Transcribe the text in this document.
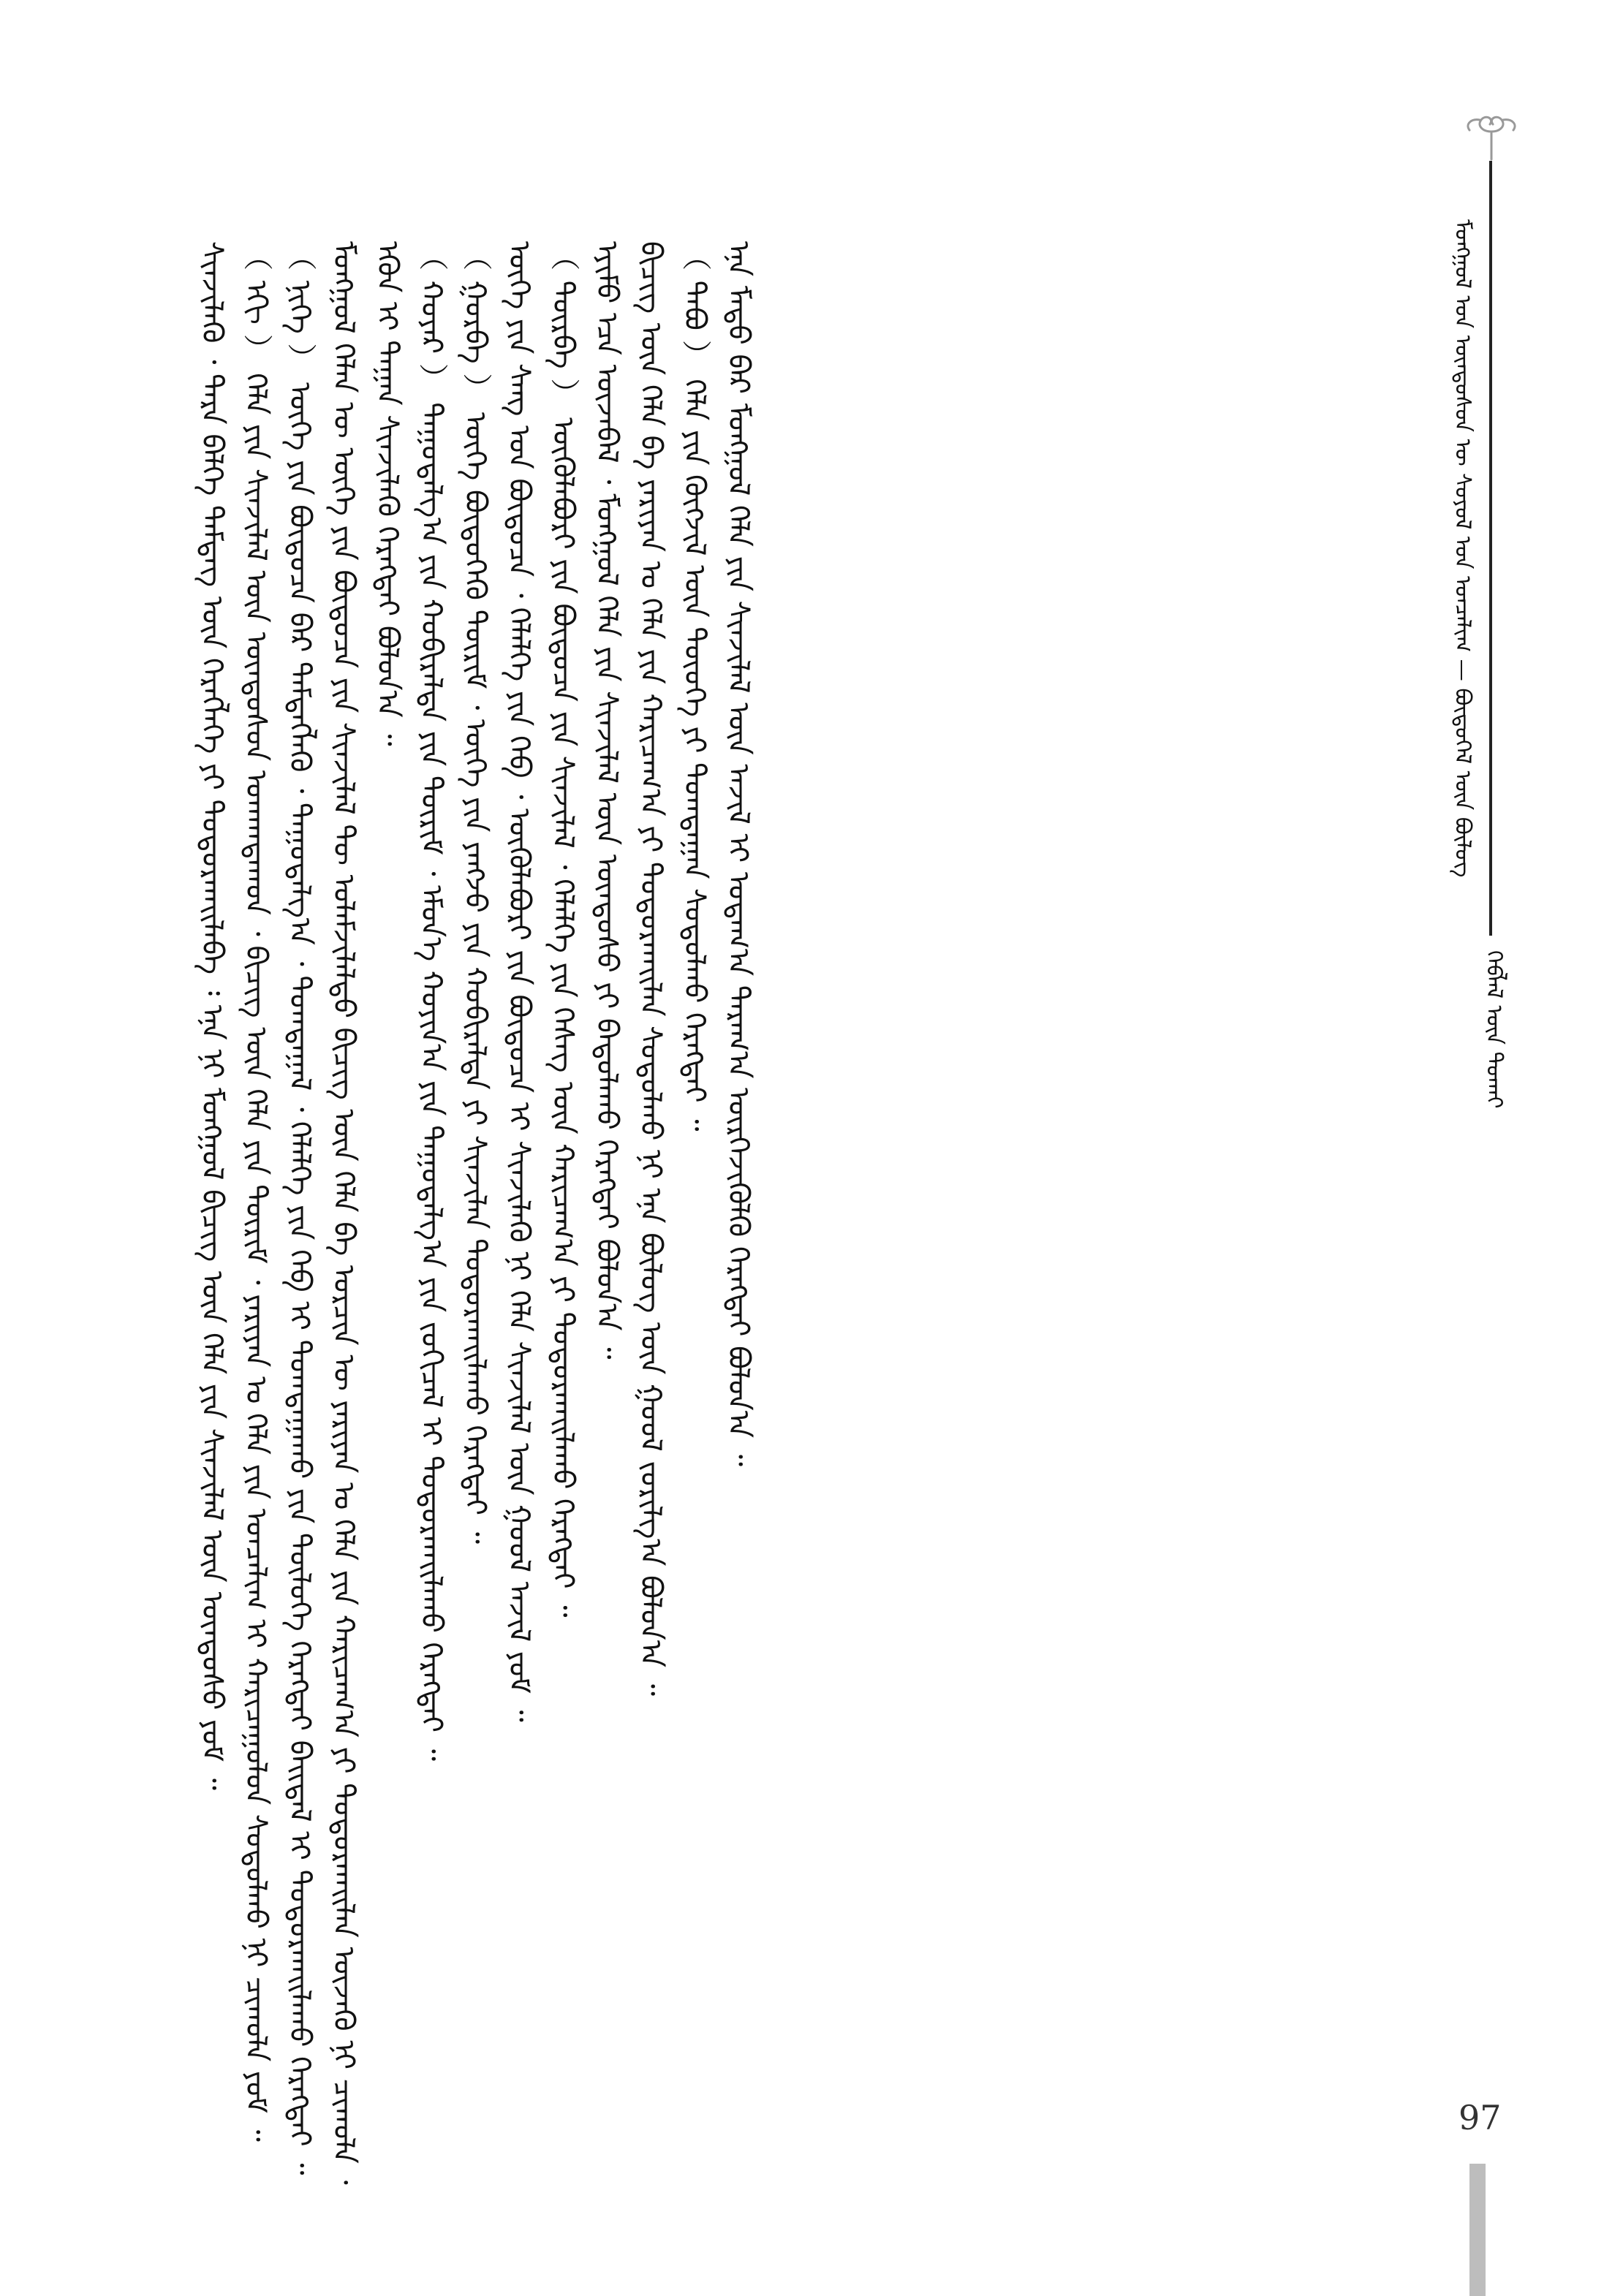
ᠮᠣᠩᠭᠣᠯ ᠤᠨ ᠦᠨᠳᠦᠰᠦᠨ ᠦ ᠰᠤᠶᠤᠯ ᠤᠨ ᠣᠨᠴᠠᠯᠢᠭ — ᠪᠦᠲᠦᠭᠡᠯ ᠦᠨ ᠪᠦᠯᠦᠭ
ᠬᠡᠪᠯᠡᠯ ᠦᠨ ᠲᠤᠬᠠᠢ

ᠰᠢᠨᠵᠢᠯᠡᠬᠦ ᠂ ᠲᠡᠷᠡ ᠪᠡᠯᠭᠡ ᠲᠡᠮᠳᠡᠭ ᠦᠨ ᠬᠡᠷᠡᠭᠯᠡᠭᠡ ᠶᠢ ᠲᠣᠳᠣᠷᠬᠠᠢᠯᠠᠪᠠ ᠄ ᠡᠨᠡ ᠨᠢ ᠮᠣᠩᠭᠣᠯ ᠪᠢᠴᠢᠭ ᠦᠨ ᠬᠡᠯᠡ ᠶᠢᠨ ᠰᠢᠨᠵᠢᠯᠡᠯ ᠦᠨ ᠦᠨᠳᠦᠰᠦ ᠶᠤᠮ ᠃ （ ᠡᠬᠢ ） ᠬᠡᠯᠡ ᠶᠢᠨ ᠰᠢᠨᠵᠢᠯᠡᠯ ᠦᠨ ᠦᠨᠳᠦᠰᠦᠨ ᠤᠬᠠᠭᠳᠠᠬᠤᠨ ᠂ ᠪᠢᠴᠢᠭ ᠦᠨ ᠬᠡᠯᠡ ᠶᠢᠨ ᠳᠦᠷᠢᠮ ᠂ ᠶᠠᠷᠢᠶᠠᠨ ᠤ ᠬᠡᠯᠡ ᠶᠢᠨ ᠣᠨᠴᠠᠯᠢᠭ ᠢ ᠬᠠᠷᠢᠴᠠᠭᠤᠯᠤᠨ ᠰᠤᠳᠤᠯᠬᠤ ᠨᠢ ᠴᠢᠬᠤᠯᠠ ᠶᠤᠮ ᠃ （ ᠨᠢᠭᠡ ） ᠦᠭᠡ ᠶᠢᠨ ᠪᠦᠲᠦᠴᠡ ᠪᠡᠷ ᠲᠡᠮᠳᠡᠭᠯᠡᠬᠦ ᠂ ᠳᠠᠭᠤᠳᠠᠯᠭ᠎ᠠ ᠂ ᠲᠣᠭᠲᠠᠭᠠᠯ ᠂ ᠬᠡᠯᠡᠯᠭᠡ ᠶᠢᠨ ᠬᠡᠪ ᠢ ᠲᠣᠭᠲᠠᠭᠠᠬᠤ ᠶᠢᠨ ᠲᠥᠯᠥᠭᠡ ᠬᠡᠷᠡᠭᠲᠡᠢ ᠪᠠᠢᠳᠠᠯ ᠢ ᠲᠣᠳᠣᠷᠬᠠᠢᠯᠠᠬᠤ ᠬᠡᠷᠡᠭᠲᠡᠢ ᠃ ᠮᠣᠩᠭᠣᠯ ᠬᠡᠯᠡᠨ ᠦ ᠦᠭᠡ ᠶᠢᠨ ᠪᠦᠲᠦᠴᠡ ᠶᠢᠨ ᠰᠢᠨᠵᠢᠯᠡᠯ ᠲᠦ ᠤᠯᠠᠮᠵᠢᠯᠠᠯᠲᠤ ᠪᠢᠴᠢᠭ ᠦᠨ ᠬᠡᠯᠡ ᠪᠠ ᠣᠷᠴᠢᠨ ᠦ ᠶᠠᠷᠢᠶᠠᠨ ᠤ ᠬᠡᠯᠡ ᠶᠢᠨ ᠬᠠᠷᠢᠴᠠᠭ᠎ᠠ ᠶᠢ ᠲᠣᠳᠣᠷᠬᠠᠢᠯᠠᠨ ᠦᠵᠡᠬᠦ ᠨᠢ ᠴᠢᠬᠤᠯᠠ ᠂ ᠡᠭᠦᠨ ᠢ ᠳᠠᠭᠠᠨ ᠰᠢᠨᠵᠢᠯᠡᠬᠦ ᠬᠡᠷᠡᠭᠲᠡᠢ ᠪᠣᠯᠤᠨ᠎ᠠ ᠃ （ ᠬᠣᠶᠠᠷ ） ᠳᠠᠭᠤᠳᠠᠯᠭ᠎ᠠ ᠶᠢᠨ ᠬᠤᠪᠢᠷᠠᠯᠲᠠ ᠶᠢᠨ ᠳᠦᠷᠢᠮ ᠂ ᠡᠮᠦᠨ᠎ᠡ ᠬᠣᠶᠢᠨ᠎ᠠ ᠶᠢᠨ ᠳᠠᠭᠤᠳᠠᠯᠭ᠎ᠠ ᠶᠢᠨ ᠵᠣᠬᠢᠴᠠᠯ ᠢ ᠲᠣᠳᠣᠷᠬᠠᠢᠯᠠᠬᠤ ᠬᠡᠷᠡᠭᠲᠡᠢ ᠃ （ ᠭᠤᠷᠪᠠ ） ᠦᠭᠡ ᠪᠦᠲᠦᠭᠡᠬᠦ ᠳᠦᠷᠢᠮ ᠂ ᠦᠭᠡ ᠶᠢᠨ ᠶᠠᠩᠵᠤ ᠶᠢᠨ ᠬᠤᠪᠢᠷᠠᠯᠲᠠ ᠶᠢ ᠰᠢᠨᠵᠢᠯᠡᠨ ᠲᠣᠳᠣᠷᠬᠠᠢᠯᠠᠬᠤ ᠬᠡᠷᠡᠭᠲᠡᠢ ᠃ ᠦᠭᠡ ᠶᠢᠨ ᠰᠠᠩ ᠤᠨ ᠪᠦᠲᠦᠴᠡ ᠂ ᠬᠡᠯᠡᠯᠭᠡ ᠶᠢᠨ ᠬᠡᠪ ᠂ ᠦᠭᠦᠯᠡᠪᠦᠷᠢ ᠶᠢᠨ ᠪᠦᠲᠦᠴᠡ ᠢ ᠰᠢᠨᠵᠢᠯᠡᠬᠦ ᠨᠢ ᠬᠡᠯᠡ ᠰᠢᠨᠵᠢᠯᠡᠯ ᠦᠨ ᠭᠣᠣᠯ ᠠᠵᠢᠯ ᠶᠤᠮ ᠃ （ ᠳᠥᠷᠪᠡ ） ᠦᠭᠦᠯᠡᠪᠦᠷᠢ ᠶᠢᠨ ᠪᠦᠲᠦᠴᠡ ᠶᠢᠨ ᠰᠢᠨᠵᠢᠯᠡᠯ ᠂ ᠬᠡᠯᠡᠯᠭᠡ ᠶᠢᠨ ᠬᠡᠰᠡᠭ ᠦᠨ ᠬᠠᠷᠢᠴᠠᠭ᠎ᠠ ᠶᠢ ᠲᠣᠳᠣᠷᠬᠠᠢᠯᠠᠬᠤ ᠬᠡᠷᠡᠭᠲᠡᠢ ᠃ ᠡᠶᠢᠮᠦ ᠡᠴᠡ ᠦᠵᠡᠪᠡᠯ ᠂ ᠮᠣᠩᠭᠣᠯ ᠬᠡᠯᠡ ᠶᠢᠨ ᠰᠢᠨᠵᠢᠯᠡᠯ ᠦᠨ ᠦᠨᠳᠦᠰᠦ ᠶᠢ ᠪᠠᠲᠤᠯᠠᠬᠤ ᠬᠡᠷᠡᠭᠲᠡᠢ ᠪᠣᠯᠤᠨ᠎ᠠ ᠃ ᠪᠢᠴᠢᠭ ᠦᠨ ᠬᠡᠯᠡ ᠪᠠ ᠶᠠᠷᠢᠶᠠᠨ ᠤ ᠬᠡᠯᠡ ᠶᠢᠨ ᠬᠠᠷᠢᠴᠠᠭ᠎ᠠ ᠶᠢ ᠲᠣᠳᠣᠷᠬᠠᠢᠯᠠᠨ ᠰᠤᠳᠤᠯᠬᠤ ᠨᠢ ᠡᠨᠡ ᠪᠦᠯᠦᠭ ᠦᠨ ᠭᠣᠣᠯ ᠵᠣᠷᠢᠯᠭ᠎ᠠ ᠪᠣᠯᠤᠨ᠎ᠠ ᠃ （ ᠲᠠᠪᠤ ） ᠬᠡᠯᠡ ᠶᠢᠨ ᠬᠦᠭᠵᠢᠯ ᠦᠨ ᠲᠦᠦᠬᠡ ᠶᠢ ᠲᠣᠭᠲᠠᠭᠠᠨ ᠰᠤᠳᠤᠯᠬᠤ ᠬᠡᠷᠡᠭᠲᠡᠢ ᠃ ᠡᠨᠡ ᠮᠡᠲᠦ ᠪᠠᠷ ᠮᠣᠩᠭᠣᠯ ᠬᠡᠯᠡ ᠶᠢᠨ ᠰᠢᠨᠵᠢᠯᠡᠯ ᠦᠨ ᠠᠵᠢᠯ ᠢ ᠤᠳᠠᠭ᠎ᠠ ᠳᠠᠷᠠᠭ᠎ᠠ ᠥᠷᠭᠡᠵᠢᠭᠦᠯᠬᠦ ᠬᠡᠷᠡᠭᠲᠡᠢ ᠪᠣᠯᠤᠨ᠎ᠠ ᠃

97
